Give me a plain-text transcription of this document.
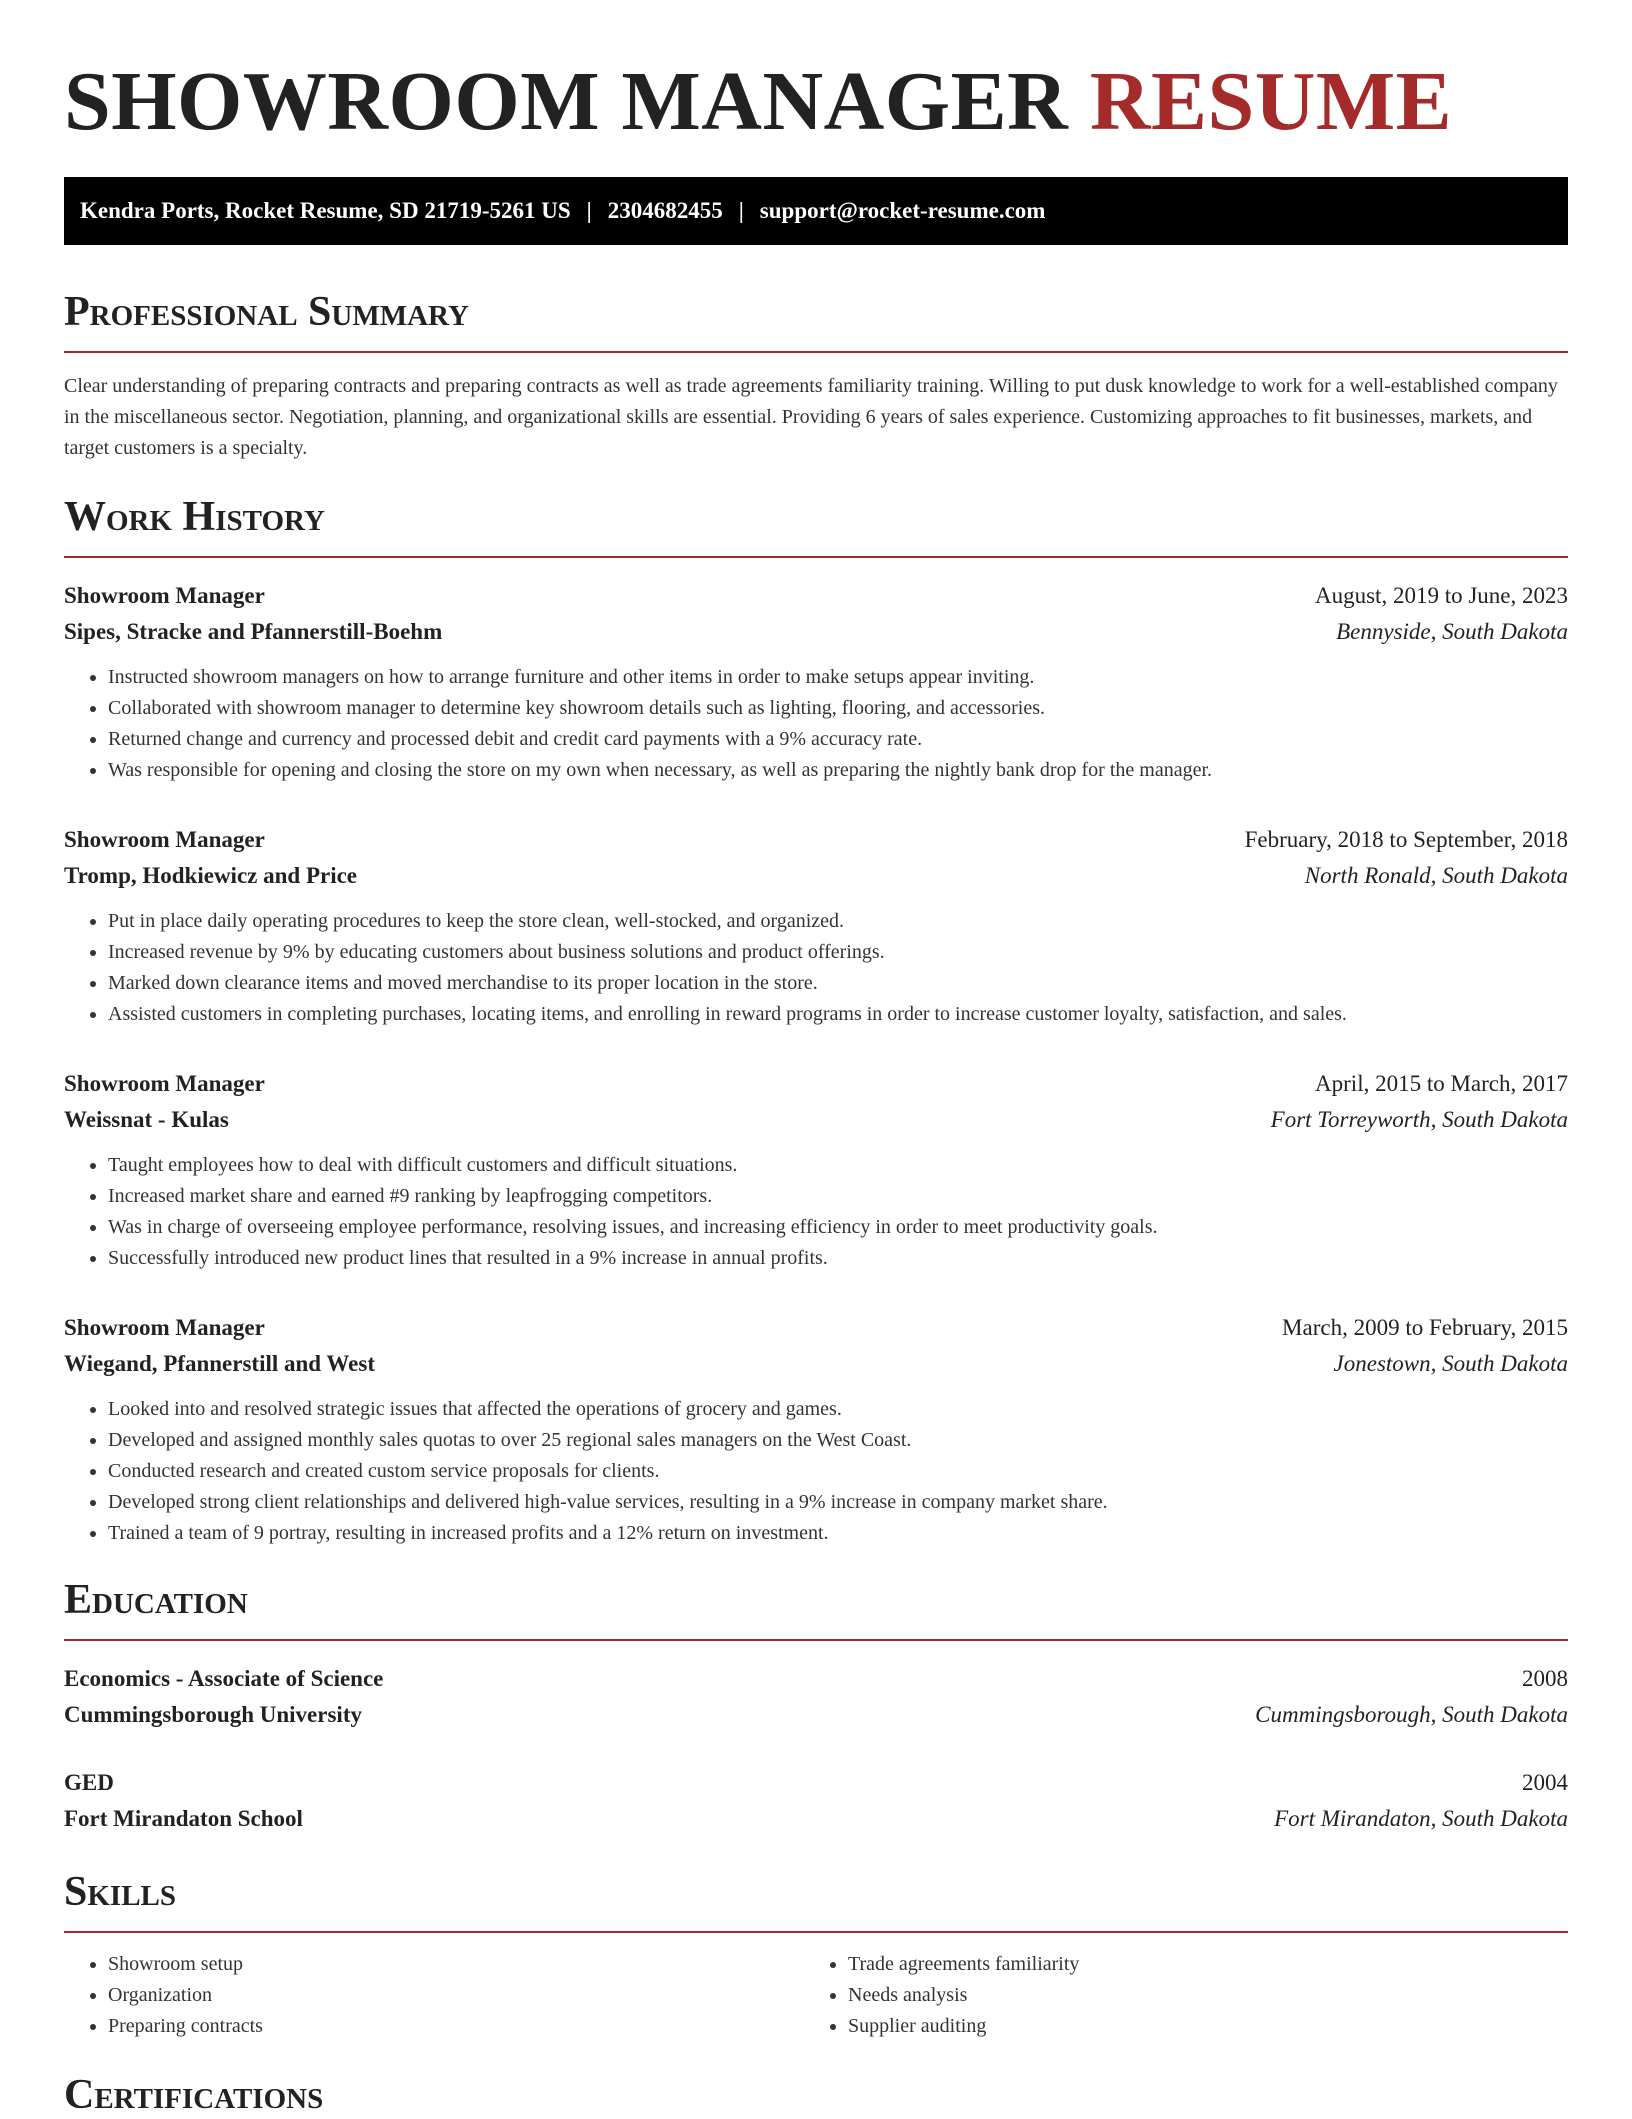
SHOWROOM MANAGER RESUME
Kendra Ports, Rocket Resume, SD 21719-5261 US | 2304682455 | support@rocket-resume.com
Professional Summary

Clear understanding of preparing contracts and preparing contracts as well as trade agreements familiarity training. Willing to put dusk knowledge to work for a well-established company in the miscellaneous sector. Negotiation, planning, and organizational skills are essential. Providing 6 years of sales experience. Customizing approaches to fit businesses, markets, and target customers is a specialty.

Work History
Showroom Manager	August, 2019 to June, 2023
Sipes, Stracke and Pfannerstill-Boehm	Bennyside, South Dakota
• Instructed showroom managers on how to arrange furniture and other items in order to make setups appear inviting.
• Collaborated with showroom manager to determine key showroom details such as lighting, flooring, and accessories.
• Returned change and currency and processed debit and credit card payments with a 9% accuracy rate.
• Was responsible for opening and closing the store on my own when necessary, as well as preparing the nightly bank drop for the manager.
Showroom Manager	February, 2018 to September, 2018
Tromp, Hodkiewicz and Price	North Ronald, South Dakota
• Put in place daily operating procedures to keep the store clean, well-stocked, and organized.
• Increased revenue by 9% by educating customers about business solutions and product offerings.
• Marked down clearance items and moved merchandise to its proper location in the store.
• Assisted customers in completing purchases, locating items, and enrolling in reward programs in order to increase customer loyalty, satisfaction, and sales.
Showroom Manager	April, 2015 to March, 2017
Weissnat - Kulas	Fort Torreyworth, South Dakota
• Taught employees how to deal with difficult customers and difficult situations.
• Increased market share and earned #9 ranking by leapfrogging competitors.
• Was in charge of overseeing employee performance, resolving issues, and increasing efficiency in order to meet productivity goals.
• Successfully introduced new product lines that resulted in a 9% increase in annual profits.
Showroom Manager	March, 2009 to February, 2015
Wiegand, Pfannerstill and West	Jonestown, South Dakota
• Looked into and resolved strategic issues that affected the operations of grocery and games.
• Developed and assigned monthly sales quotas to over 25 regional sales managers on the West Coast.
• Conducted research and created custom service proposals for clients.
• Developed strong client relationships and delivered high-value services, resulting in a 9% increase in company market share.
• Trained a team of 9 portray, resulting in increased profits and a 12% return on investment.
Education
Economics - Associate of Science	2008
Cummingsborough University	Cummingsborough, South Dakota
GED	2004
Fort Mirandaton School	Fort Mirandaton, South Dakota
Skills
• Showroom setup
• Organization
• Preparing contracts
• Trade agreements familiarity
• Needs analysis
• Supplier auditing
Certifications
